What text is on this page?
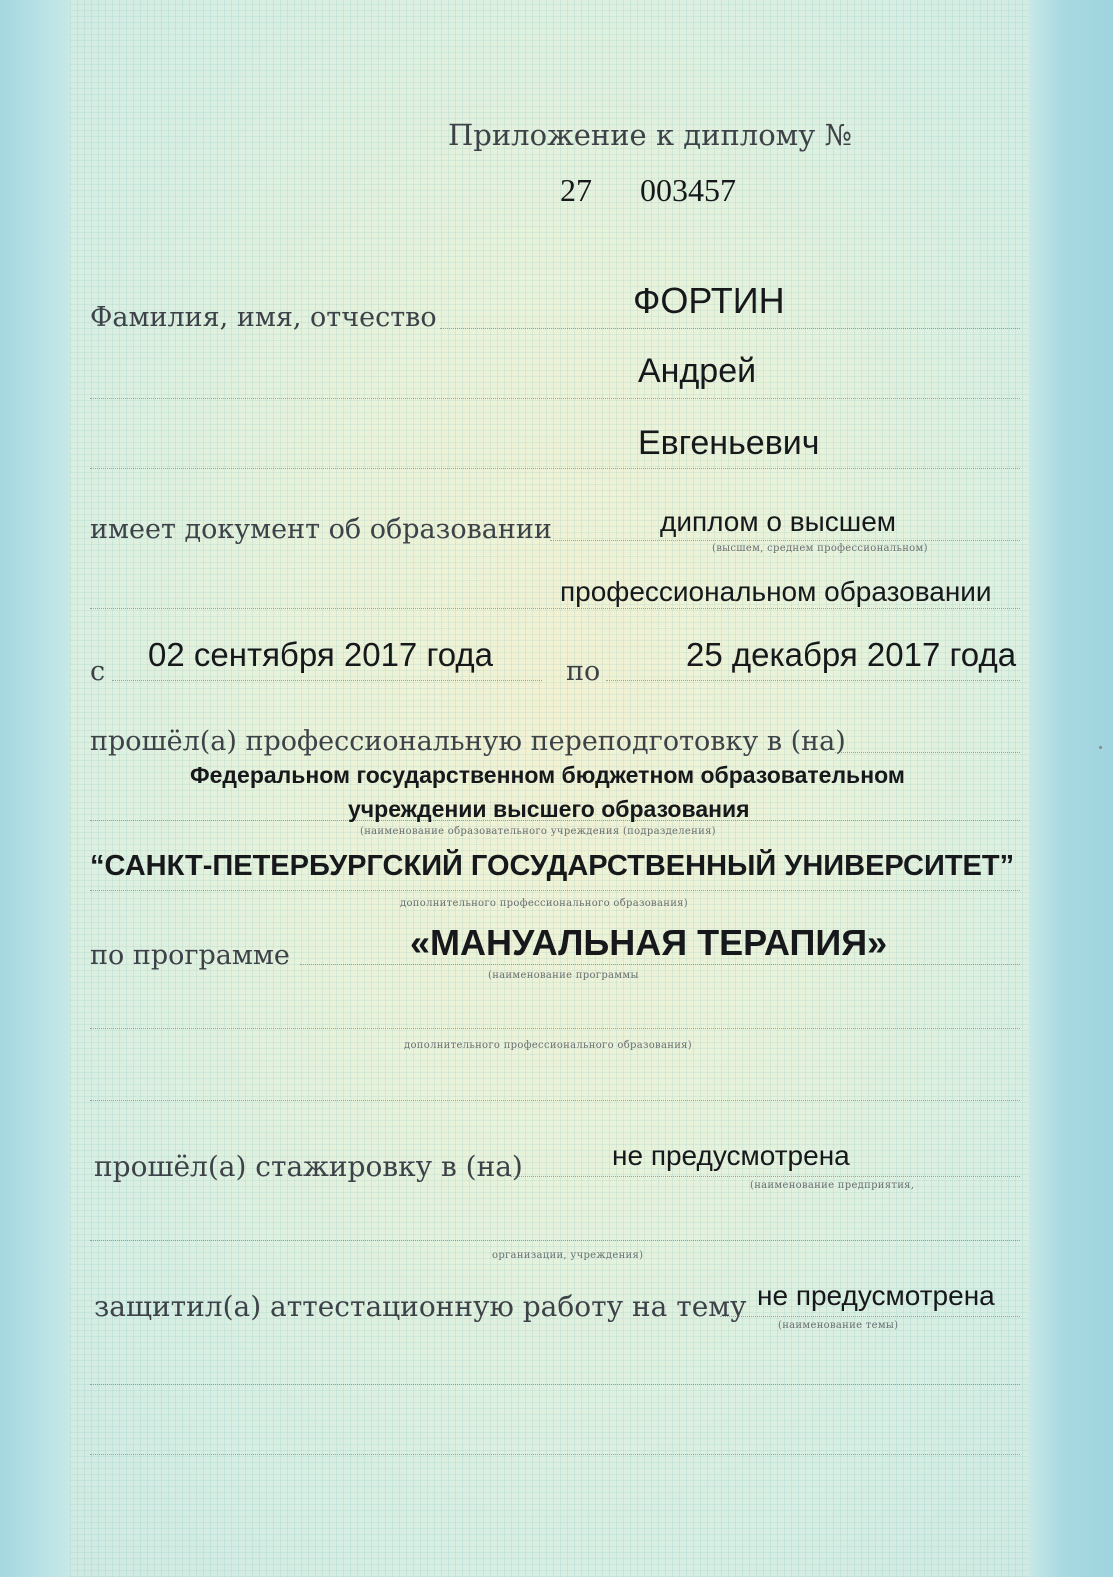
Приложение к диплому №
27 003457
Фамилия, имя, отчество	ФОРТИН
Андрей
Евгеньевич
имеет документ об образовании	диплом о высшем
(высшем, среднем профессиональном)
профессиональном образовании
с 02 сентября 2017 года	по	25 декабря 2017 года
прошёл(а) профессиональную переподготовку в (на)
Федеральном государственном бюджетном образовательном
учреждении высшего образования
(наименование образовательного учреждения (подразделения)
“САНКТ-ПЕТЕРБУРГСКИЙ ГОСУДАРСТВЕННЫЙ УНИВЕРСИТЕТ”
дополнительного профессионального образования)
по программе	«МАНУАЛЬНАЯ ТЕРАПИЯ»
(наименование программы
дополнительного профессионального образования)
прошёл(а) стажировку в (на)	не предусмотрена
(наименование предприятия,
организации, учреждения)
защитил(а) аттестационную работу на тему не предусмотрена
(наименование темы)
